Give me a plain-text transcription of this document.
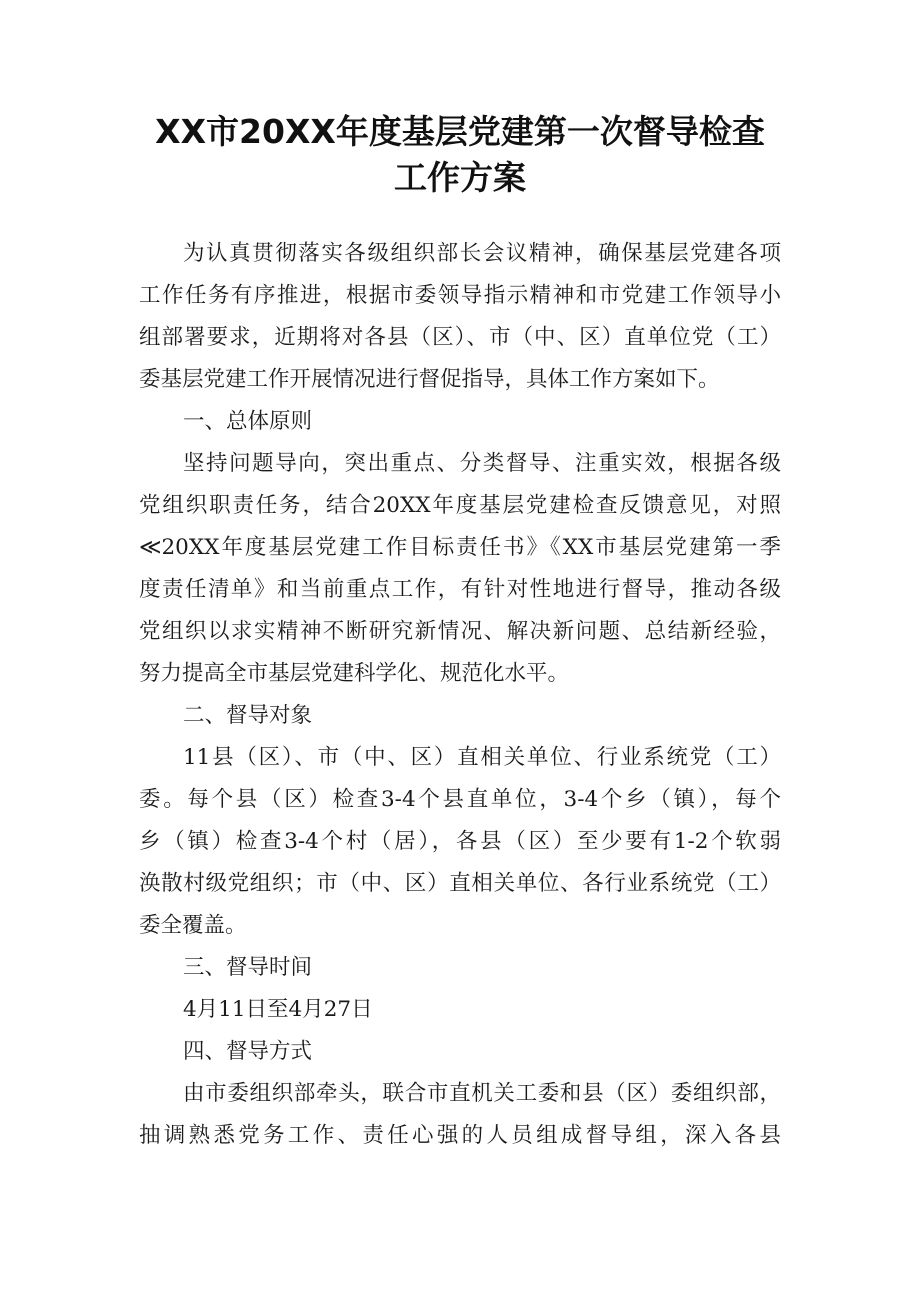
XX市20XX年度基层党建第一次督导检查
工作方案
为认真贯彻落实各级组织部长会议精神，确保基层党建各项
工作任务有序推进，根据市委领导指示精神和市党建工作领导小
组部署要求，近期将对各县（区）、市（中、区）直单位党（工）
委基层党建工作开展情况进行督促指导，具体工作方案如下。
一、总体原则
坚持问题导向，突出重点、分类督导、注重实效，根据各级
党组织职责任务，结合20XX年度基层党建检查反馈意见，对照
≪20XX年度基层党建工作目标责任书》《XX市基层党建第一季
度责任清单》和当前重点工作，有针对性地进行督导，推动各级
党组织以求实精神不断研究新情况、解决新问题、总结新经验，
努力提高全市基层党建科学化、规范化水平。
二、督导对象
11县（区）、市（中、区）直相关单位、行业系统党（工）
委。每个县（区）检查3-4个县直单位，3-4个乡（镇），每个
乡（镇）检查3-4个村（居），各县（区）至少要有1-2个软弱
涣散村级党组织；市（中、区）直相关单位、各行业系统党（工）
委全覆盖。
三、督导时间
4月11日至4月27日
四、督导方式
由市委组织部牵头，联合市直机关工委和县（区）委组织部，
抽调熟悉党务工作、责任心强的人员组成督导组，深入各县
